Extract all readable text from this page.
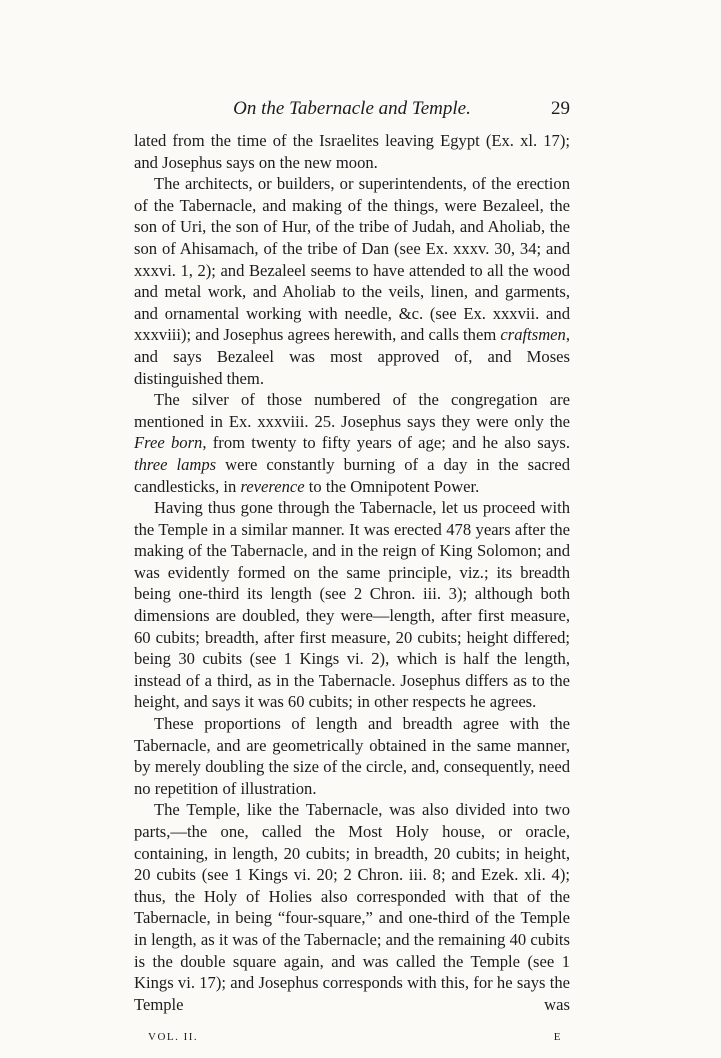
On the Tabernacle and Temple.	29

lated from the time of the Israelites leaving Egypt (Ex. xl. 17); and Josephus says on the new moon.

The architects, or builders, or superintendents, of the erection of the Tabernacle, and making of the things, were Bezaleel, the son of Uri, the son of Hur, of the tribe of Judah, and Aholiab, the son of Ahisamach, of the tribe of Dan (see Ex. xxxv. 30, 34; and xxxvi. 1, 2); and Bezaleel seems to have attended to all the wood and metal work, and Aholiab to the veils, linen, and garments, and ornamental working with needle, &c. (see Ex. xxxvii. and xxxviii); and Josephus agrees herewith, and calls them craftsmen, and says Bezaleel was most approved of, and Moses distinguished them.

The silver of those numbered of the congregation are mentioned in Ex. xxxviii. 25. Josephus says they were only the Free born, from twenty to fifty years of age; and he also says. three lamps were constantly burning of a day in the sacred candlesticks, in reverence to the Omnipotent Power.

Having thus gone through the Tabernacle, let us proceed with the Temple in a similar manner. It was erected 478 years after the making of the Tabernacle, and in the reign of King Solomon; and was evidently formed on the same principle, viz.; its breadth being one-third its length (see 2 Chron. iii. 3); although both dimensions are doubled, they were—length, after first measure, 60 cubits; breadth, after first measure, 20 cubits; height differed; being 30 cubits (see 1 Kings vi. 2), which is half the length, instead of a third, as in the Tabernacle. Josephus differs as to the height, and says it was 60 cubits; in other respects he agrees.

These proportions of length and breadth agree with the Tabernacle, and are geometrically obtained in the same manner, by merely doubling the size of the circle, and, consequently, need no repetition of illustration.

The Temple, like the Tabernacle, was also divided into two parts,—the one, called the Most Holy house, or oracle, containing, in length, 20 cubits; in breadth, 20 cubits; in height, 20 cubits (see 1 Kings vi. 20; 2 Chron. iii. 8; and Ezek. xli. 4); thus, the Holy of Holies also corresponded with that of the Tabernacle, in being “four-square,” and one-third of the Temple in length, as it was of the Tabernacle; and the remaining 40 cubits is the double square again, and was called the Temple (see 1 Kings vi. 17); and Josephus corresponds with this, for he says the Temple was

VOL. II.	E
